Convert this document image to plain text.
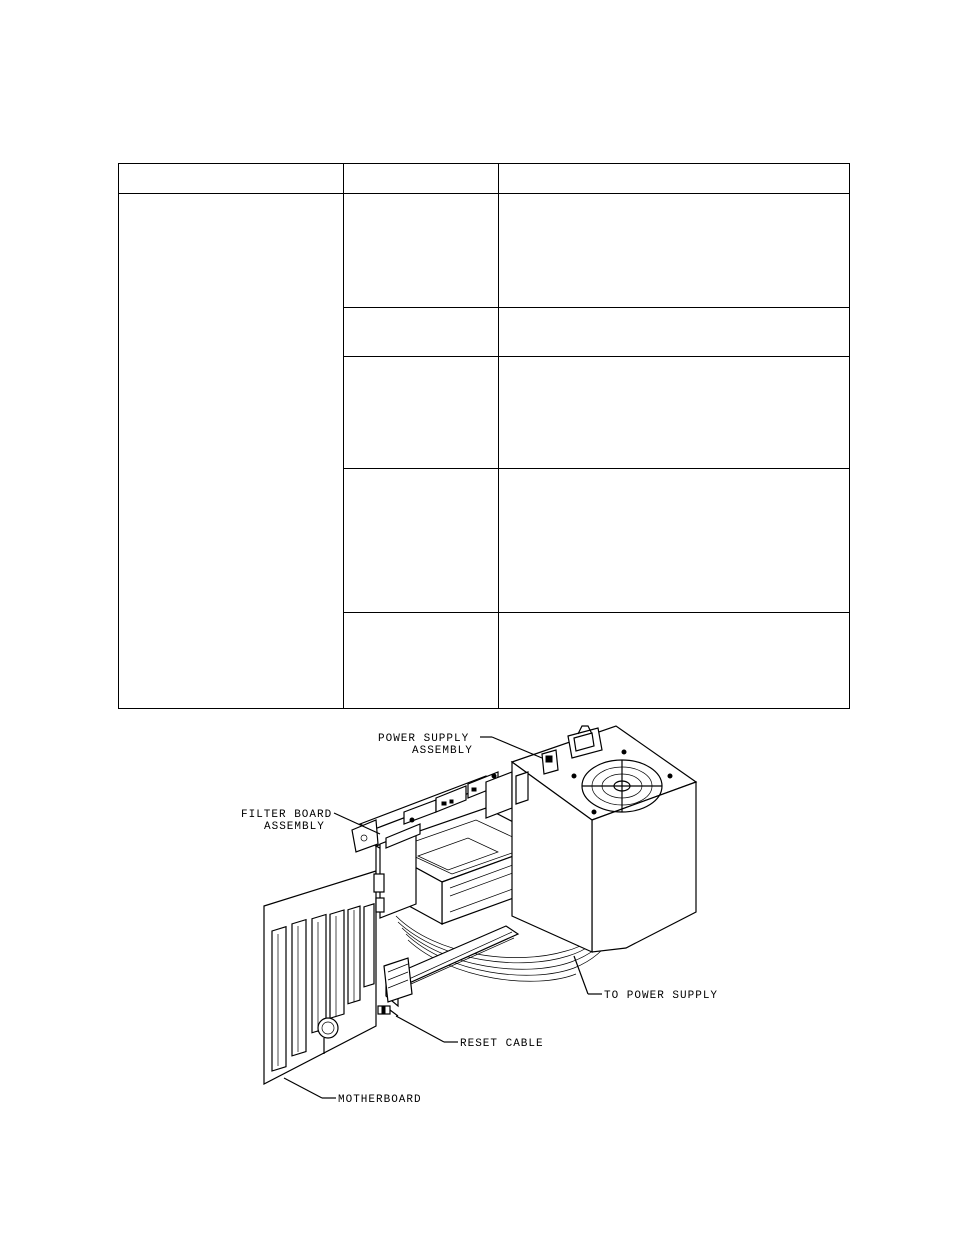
POWER SUPPLY
ASSEMBLY
FILTER BOARD
ASSEMBLY
TO POWER SUPPLY
RESET CABLE
MOTHERBOARD
